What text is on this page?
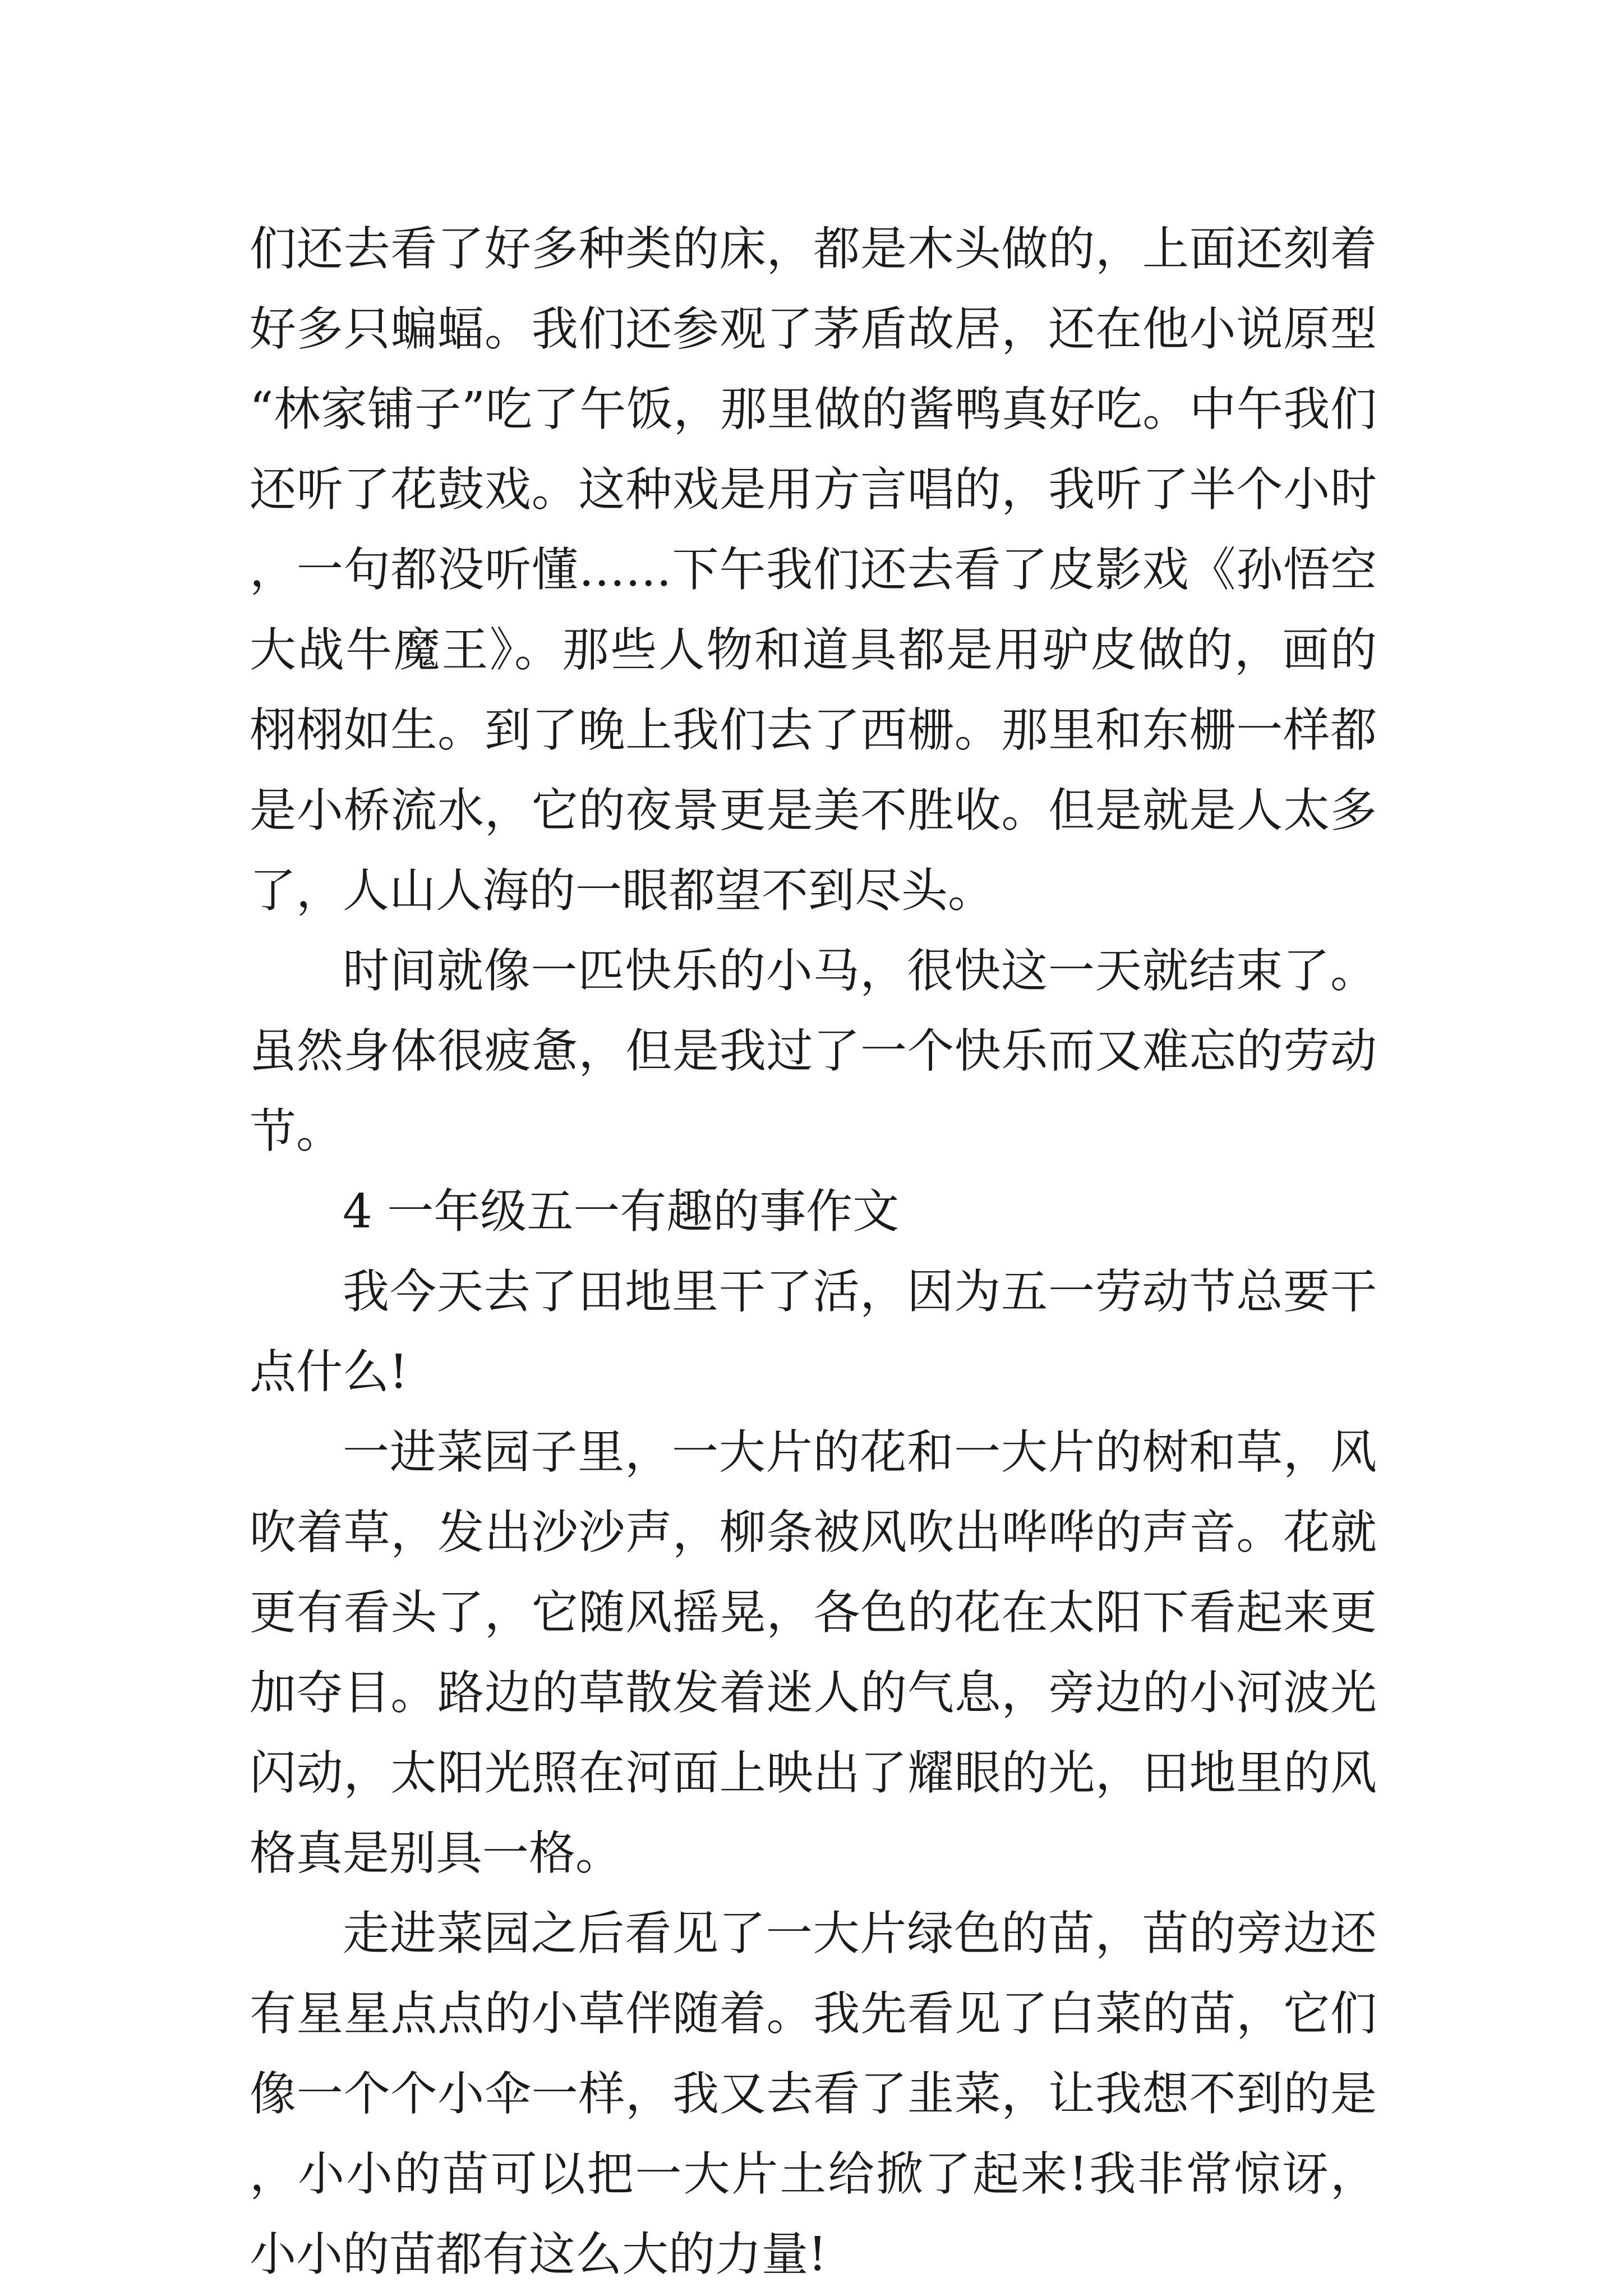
们还去看了好多种类的床，都是木头做的，上面还刻着好多只蝙蝠。我们还参观了茅盾故居，还在他小说原型“林家铺子”吃了午饭，那里做的酱鸭真好吃。中午我们还听了花鼓戏。这种戏是用方言唱的，我听了半个小时，一句都没听懂……下午我们还去看了皮影戏《孙悟空大战牛魔王》。那些人物和道具都是用驴皮做的，画的栩栩如生。到了晚上我们去了西栅。那里和东栅一样都是小桥流水，它的夜景更是美不胜收。但是就是人太多了，人山人海的一眼都望不到尽头。

时间就像一匹快乐的小马，很快这一天就结束了。虽然身体很疲惫，但是我过了一个快乐而又难忘的劳动节。

4 一年级五一有趣的事作文

我今天去了田地里干了活，因为五一劳动节总要干点什么!

一进菜园子里，一大片的花和一大片的树和草，风吹着草，发出沙沙声，柳条被风吹出哗哗的声音。花就更有看头了，它随风摇晃，各色的花在太阳下看起来更加夺目。路边的草散发着迷人的气息，旁边的小河波光闪动，太阳光照在河面上映出了耀眼的光，田地里的风格真是别具一格。

走进菜园之后看见了一大片绿色的苗，苗的旁边还有星星点点的小草伴随着。我先看见了白菜的苗，它们像一个个小伞一样，我又去看了韭菜，让我想不到的是，小小的苗可以把一大片土给掀了起来!我非常惊讶，小小的苗都有这么大的力量!
